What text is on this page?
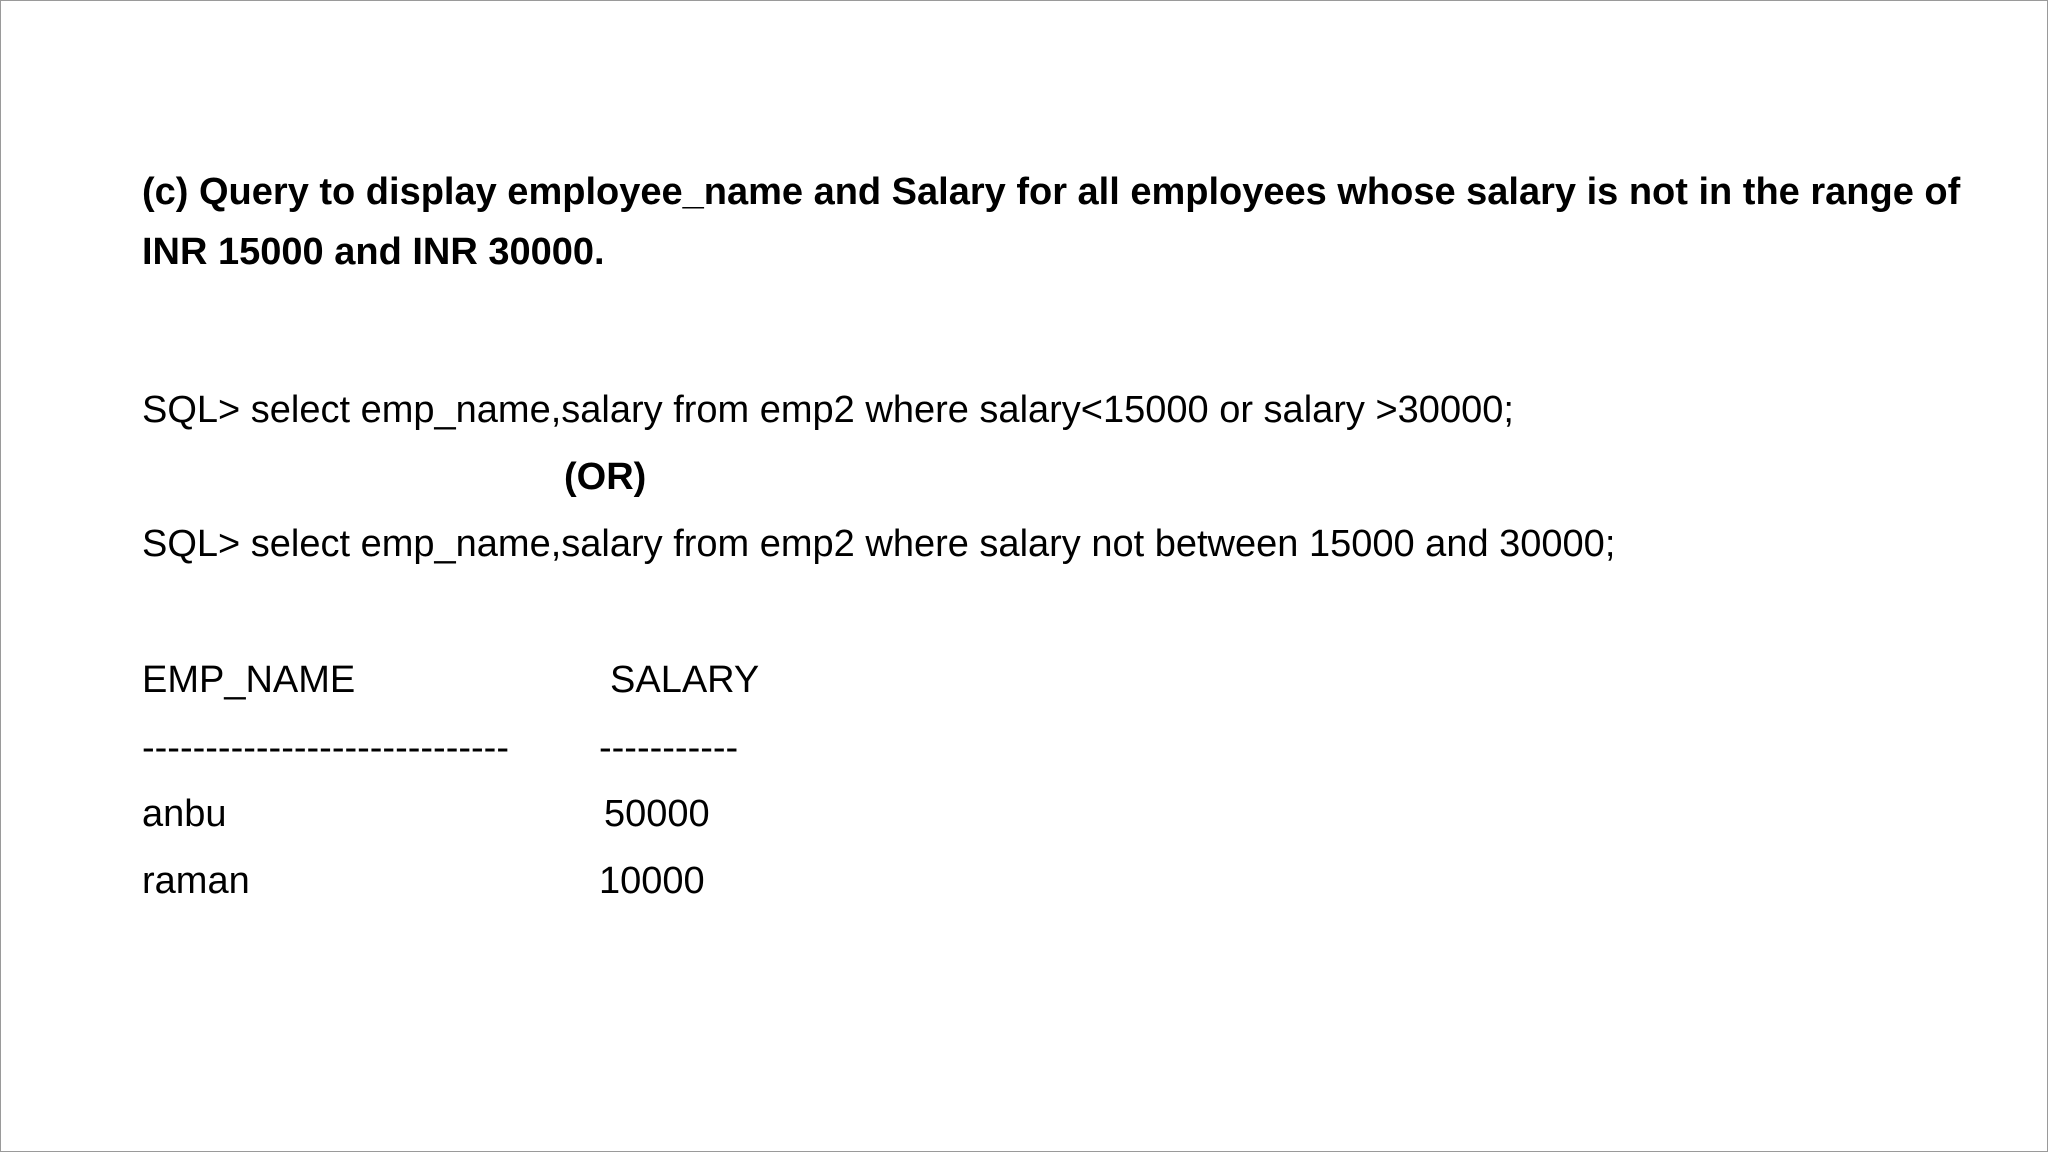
(c) Query to display employee_name and Salary for all employees whose salary is not in the range of
INR 15000 and INR 30000.
SQL> select emp_name,salary from emp2 where salary<15000 or salary >30000;
(OR)
SQL> select emp_name,salary from emp2 where salary not between 15000 and 30000;
EMP_NAME	SALARY
----------------------------- -----------
anbu	50000
raman	10000
